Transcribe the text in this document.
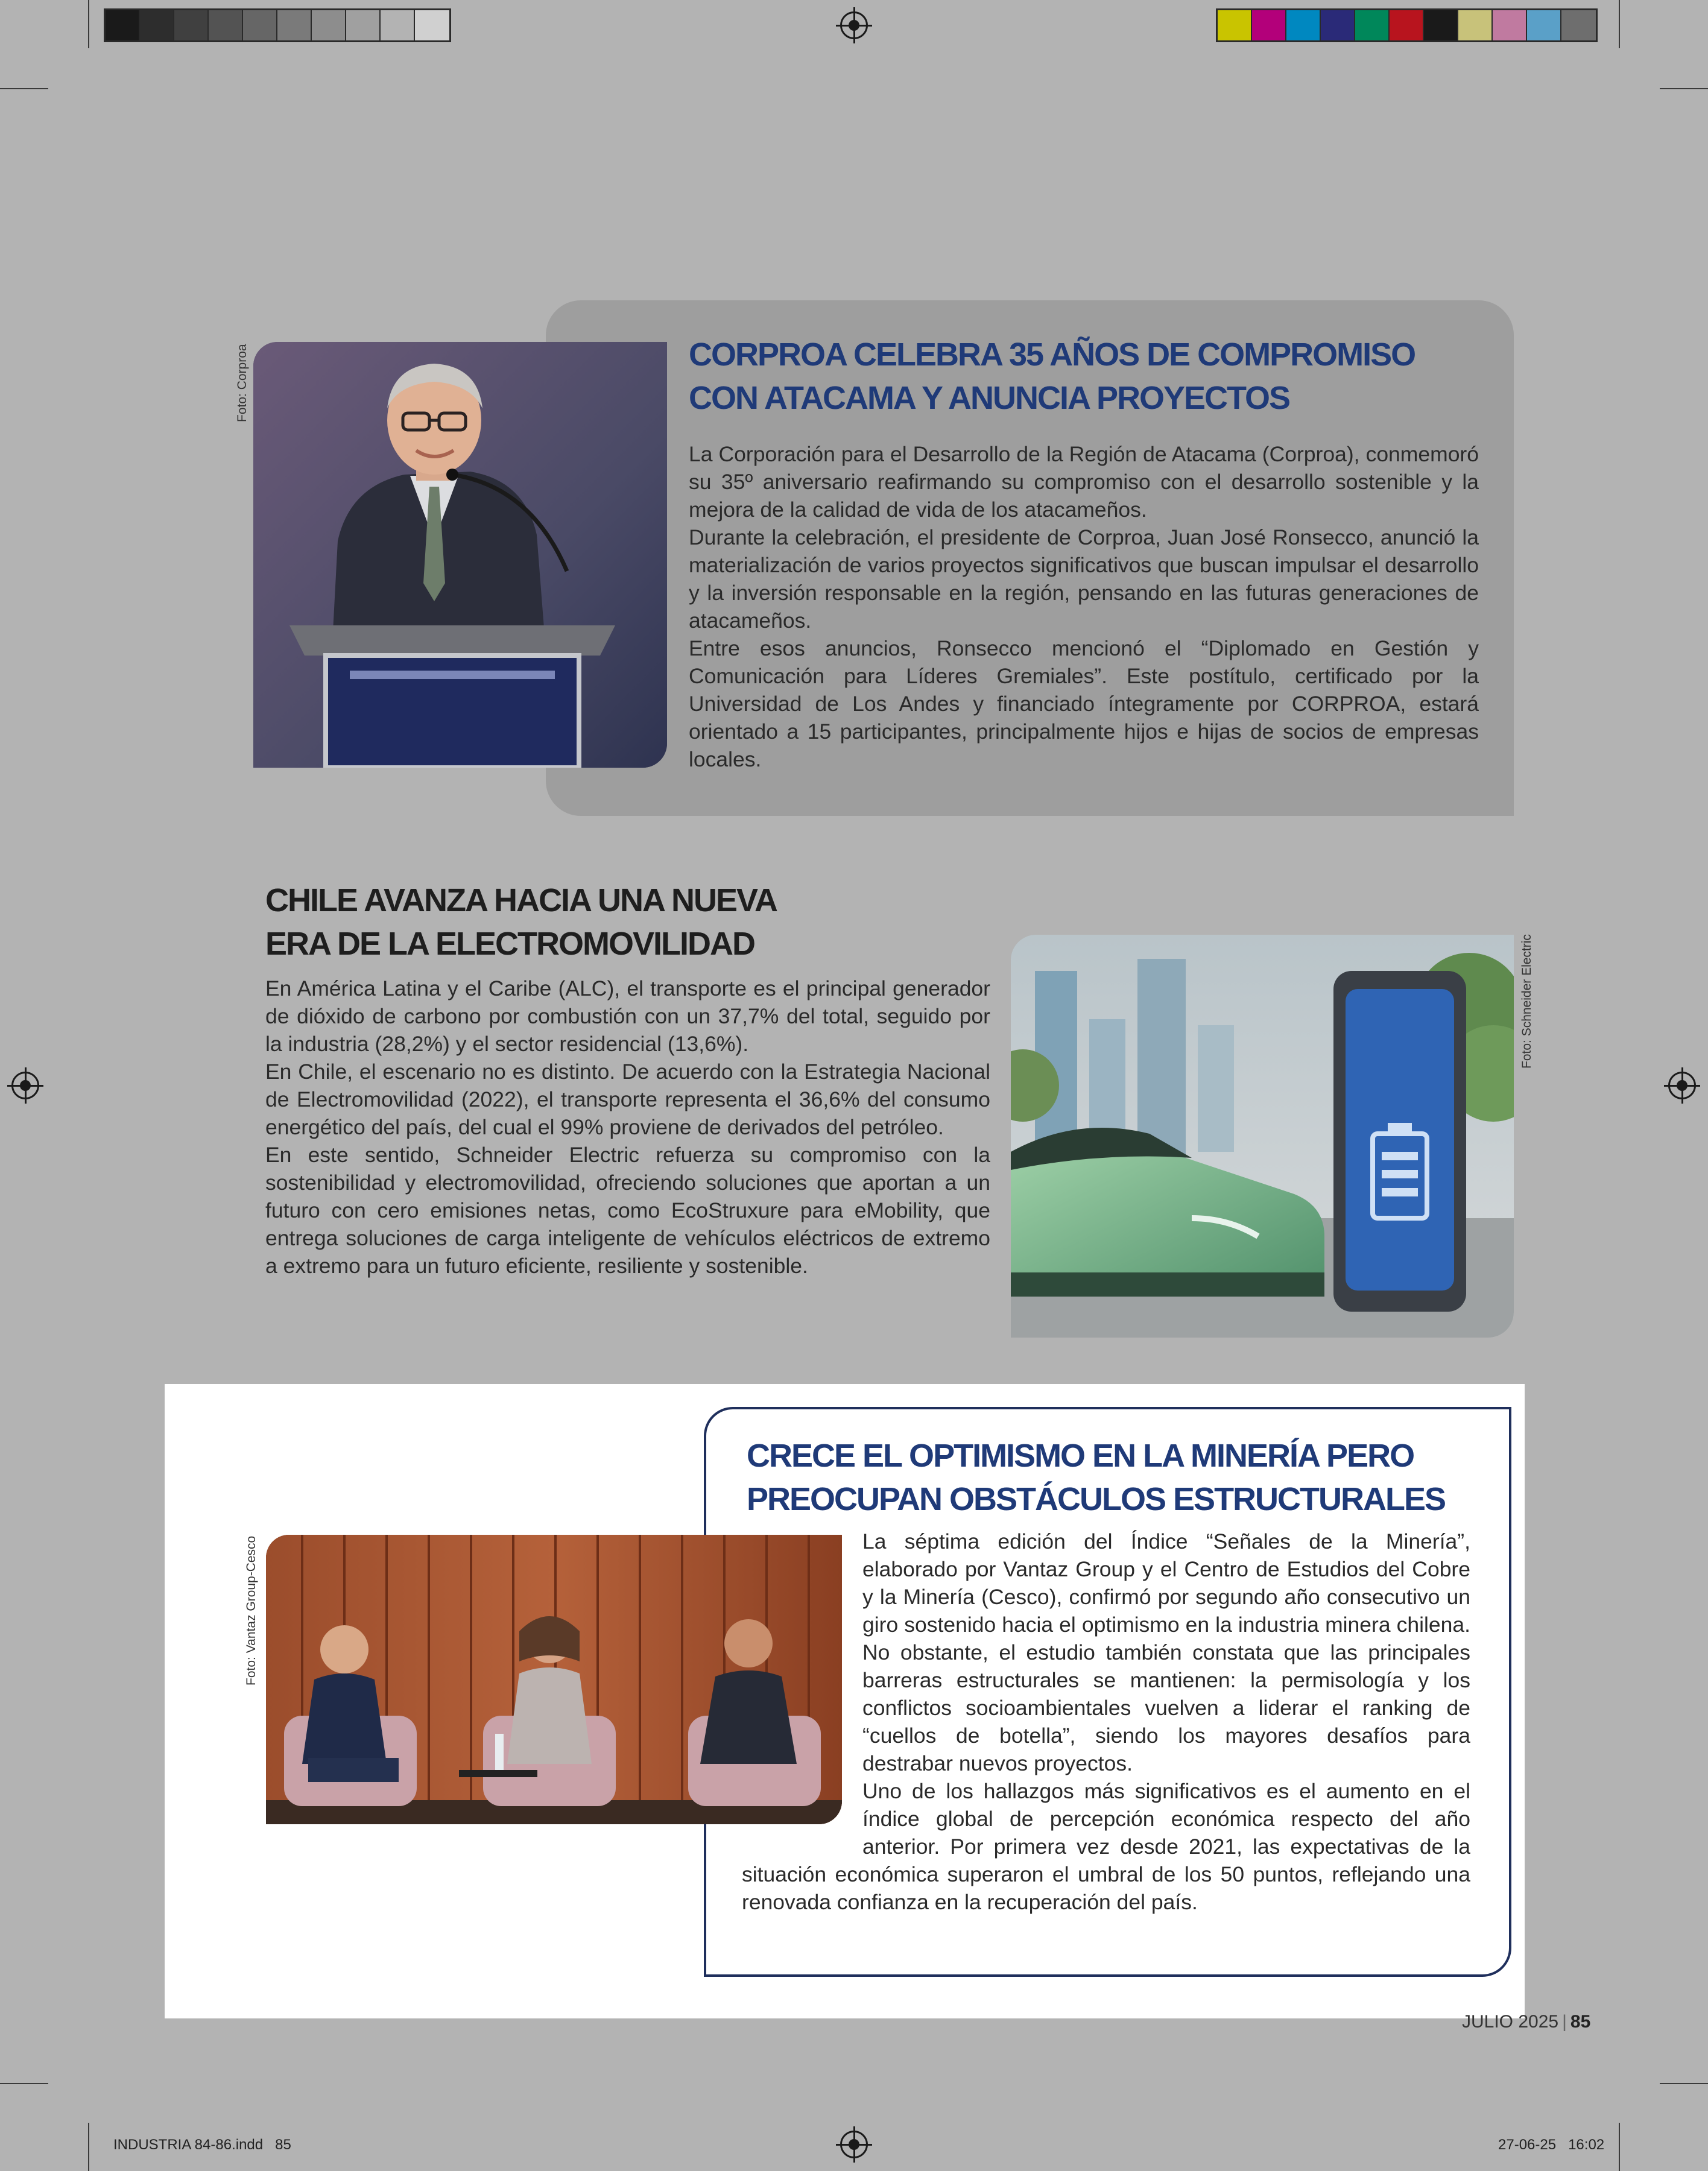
Foto: Corproa	CORPROA CELEBRA 35 AÑOS DE COMPROMISO
CON ATACAMA Y ANUNCIA PROYECTOS

La Corporación para el Desarrollo de la Región de Atacama (Corproa), conmemoró su 35º aniversario reafirmando su compromiso con el desarrollo sostenible y la mejora de la calidad de vida de los atacameños.

Durante la celebración, el presidente de Corproa, Juan José Ronsecco, anunció la materialización de varios proyectos significativos que buscan impulsar el desarrollo y la inversión responsable en la región, pensando en las futuras generaciones de atacameños.

Entre esos anuncios, Ronsecco mencionó el “Diplomado en Gestión y Comunicación para Líderes Gremiales”. Este postítulo, certificado por la Universidad de Los Andes y financiado íntegramente por CORPROA, estará orientado a 15 participantes, principalmente hijos e hijas de socios de empresas locales.

CHILE AVANZA HACIA UNA NUEVA
ERA DE LA ELECTROMOVILIDAD

En América Latina y el Caribe (ALC), el transporte es el principal generador de dióxido de carbono por combustión con un 37,7% del total, seguido por la industria (28,2%) y el sector residencial (13,6%).

En Chile, el escenario no es distinto. De acuerdo con la Estrategia Nacional de Electromovilidad (2022), el transporte representa el 36,6% del consumo energético del país, del cual el 99% proviene de derivados del petróleo.

En este sentido, Schneider Electric refuerza su compromiso con la sostenibilidad y electromovilidad, ofreciendo soluciones que aportan a un futuro con cero emisiones netas, como EcoStruxure para eMobility, que entrega soluciones de carga inteligente de vehículos eléctricos de extremo a extremo para un futuro eficiente, resiliente y sostenible.

Foto: Schneider Electric
Foto: Vantaz Group-Cesco
CRECE EL OPTIMISMO EN LA MINERÍA PERO
PREOCUPAN OBSTÁCULOS ESTRUCTURALES

La séptima edición del Índice “Señales de la Minería”, elaborado por Vantaz Group y el Centro de Estudios del Cobre y la Minería (Cesco), confirmó por segundo año consecutivo un giro sostenido hacia el optimismo en la industria minera chilena. No obstante, el estudio también constata que las principales barreras estructurales se mantienen: la permisología y los conflictos socioambientales vuelven a liderar el ranking de “cuellos de botella”, siendo los mayores desafíos para destrabar nuevos proyectos.

Uno de los hallazgos más significativos es el aumento en el índice global de percepción económica respecto del año anterior. Por primera vez desde 2021, las expectativas de la situación económica superaron el umbral de los 50 puntos, reflejando una renovada confianza en la recuperación del país.

JULIO 2025 | 85
INDUSTRIA 84-86.indd   85	27-06-25   16:02
